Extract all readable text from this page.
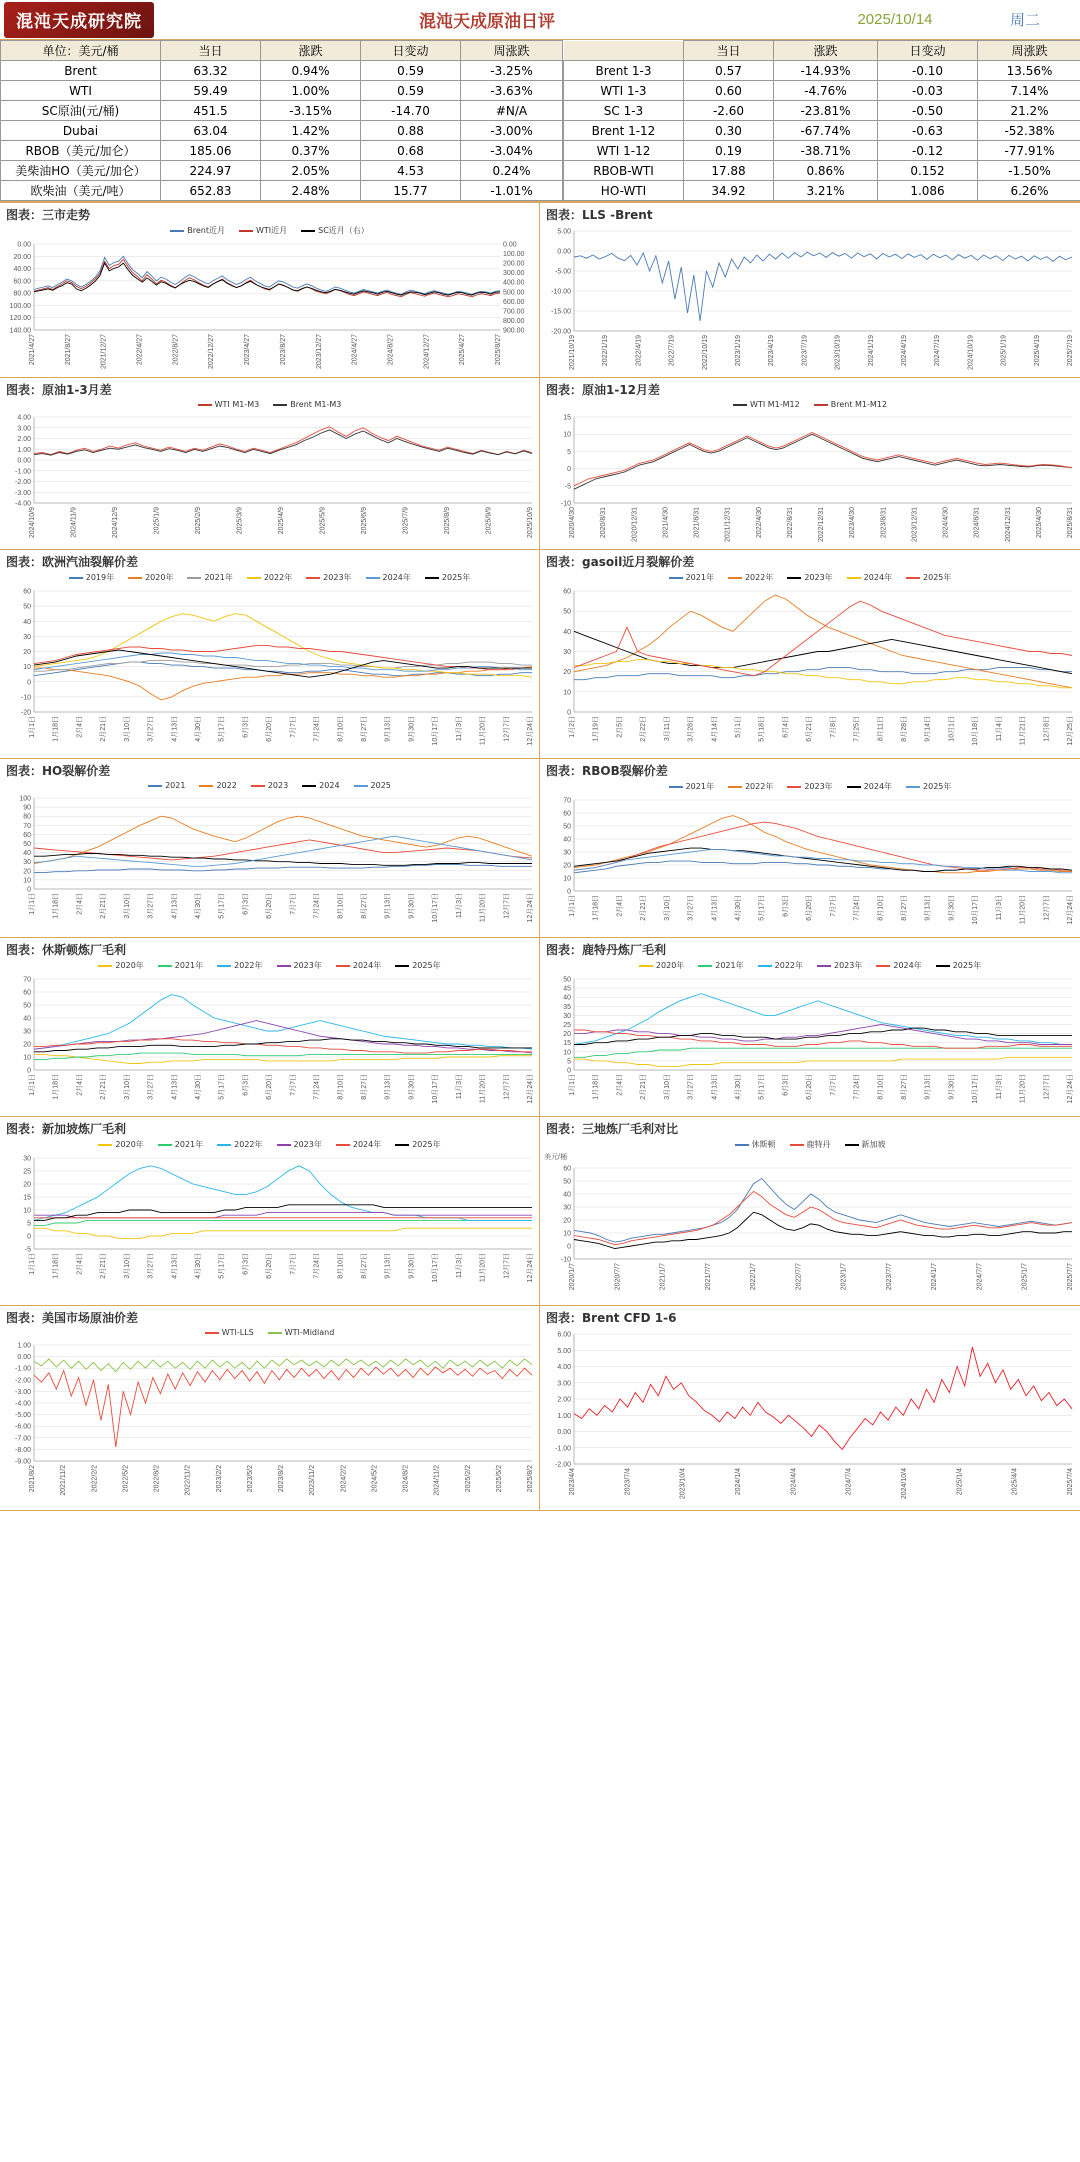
混沌天成研究院	混沌天成原油日评	2025/10/14	周二
单位：美元/桶	当日	涨跌	日变动	周涨跌
Brent	63.32	0.94%	0.59	-3.25%
WTI	59.49	1.00%	0.59	-3.63%
SC原油(元/桶)	451.5	-3.15%	-14.70	#N/A
Dubai	63.04	1.42%	0.88	-3.00%
RBOB（美元/加仑）	185.06	0.37%	0.68	-3.04%
美柴油HO（美元/加仑）	224.97	2.05%	4.53	0.24%
欧柴油（美元/吨）	652.83	2.48%	15.77	-1.01%
	当日	涨跌	日变动	周涨跌
Brent 1-3	0.57	-14.93%	-0.10	13.56%
WTI 1-3	0.60	-4.76%	-0.03	7.14%
SC 1-3	-2.60	-23.81%	-0.50	21.2%
Brent 1-12	0.30	-67.74%	-0.63	-52.38%
WTI 1-12	0.19	-38.71%	-0.12	-77.91%
RBOB-WTI	17.88	0.86%	0.152	-1.50%
HO-WTI	34.92	3.21%	1.086	6.26%
图表：三市走势
Brent近月	WTI近月	SC近月（右）
0.00
20.00
40.00
60.00
80.00
100.00
120.00
140.00
0.00
100.00
200.00
300.00
400.00
500.00
600.00
700.00
800.00
900.00
2021/4/27	2021/8/27	2021/12/27	2022/4/27	2022/8/27	2022/12/27	2023/4/27	2023/8/27	2023/12/27	2024/4/27	2024/8/27	2024/12/27	2025/4/27	2025/8/27
图表：LLS -Brent
5.00
0.00
-5.00
-10.00
-15.00
-20.00
2021/10/19	2022/1/19	2022/4/19	2022/7/19	2022/10/19	2023/1/19	2023/4/19	2023/7/19	2023/10/19	2024/1/19	2024/4/19	2024/7/19	2024/10/19	2025/1/19	2025/4/19	2025/7/19
图表：原油1-3月差
WTI M1-M3	Brent M1-M3
4.00
3.00
2.00
1.00
0.00
-1.00
-2.00
-3.00
-4.00
2024/10/9	2024/11/9	2024/12/9	2025/1/9	2025/2/9	2025/3/9	2025/4/9	2025/5/9	2025/6/9	2025/7/9	2025/8/9	2025/9/9	2025/10/9
图表：原油1-12月差
WTI M1-M12	Brent M1-M12
15
10
5
0
-5
-10
2020/4/30	2020/8/31	2020/12/31	2021/4/30	2021/8/31	2021/12/31	2022/4/30	2022/8/31	2022/12/31	2023/4/30	2023/8/31	2023/12/31	2024/4/30	2024/8/31	2024/12/31	2025/4/30	2025/8/31
图表：欧洲汽油裂解价差
2019年	2020年	2021年	2022年	2023年	2024年	2025年
60
50
40
30
20
10
0
-10
-20
1月1日 1月18日 2月4日 2月21日 3月10日 3月27日 4月13日 4月30日 5月17日 6月3日 6月20日 7月7日 7月24日 8月10日 8月27日 9月13日 9月30日 10月17日 11月3日 11月20日 12月7日 12月24日
图表：gasoil近月裂解价差
2021年	2022年	2023年	2024年	2025年
60
50
40
30
20
10
0
1月2日 1月19日 2月5日 2月22日 3月11日 3月28日 4月14日 5月1日 5月18日 6月4日 6月21日 7月8日 7月25日 8月11日 8月28日 9月14日 10月1日 10月18日 11月4日 11月21日 12月8日 12月25日
图表：HO裂解价差
2021	2022	2023	2024	2025
100
90
80
70
60
50
40
30
20
10
0
1月1日 1月18日 2月4日 2月21日 3月10日 3月27日 4月13日 4月30日 5月17日 6月3日 6月20日 7月7日 7月24日 8月10日 8月27日 9月13日 9月30日 10月17日 11月3日 11月20日 12月7日 12月24日
图表：RBOB裂解价差
2021年	2022年	2023年	2024年	2025年
70
60
50
40
30
20
10
0
1月1日 1月18日 2月4日 2月21日 3月10日 3月27日 4月13日 4月30日 5月17日 6月3日 6月20日 7月7日 7月24日 8月10日 8月27日 9月13日 9月30日 10月17日 11月3日 11月20日 12月7日 12月24日
图表：休斯顿炼厂毛利
2020年	2021年	2022年	2023年	2024年	2025年
70
60
50
40
30
20
10
0
1月1日 1月18日 2月4日 2月21日 3月10日 3月27日 4月13日 4月30日 5月17日 6月3日 6月20日 7月7日 7月24日 8月10日 8月27日 9月13日 9月30日 10月17日 11月3日 11月20日 12月7日 12月24日
图表：鹿特丹炼厂毛利
2020年	2021年	2022年	2023年	2024年	2025年
50
45
40
35
30
25
20
15
10
5
0
1月1日 1月18日 2月4日 2月21日 3月10日 3月27日 4月13日 4月30日 5月17日 6月3日 6月20日 7月7日 7月24日 8月10日 8月27日 9月13日 9月30日 10月17日 11月3日 11月20日 12月7日 12月24日
图表：新加坡炼厂毛利
2020年	2021年	2022年	2023年	2024年	2025年
30
25
20
15
10
5
0
-5
1月1日 1月18日 2月4日 2月21日 3月10日 3月27日 4月13日 4月30日 5月17日 6月3日 6月20日 7月7日 7月24日 8月10日 8月27日 9月13日 9月30日 10月17日 11月3日 11月20日 12月7日 12月24日
图表：三地炼厂毛利对比
休斯顿	鹿特丹	新加坡
美元/桶
60
50
40
30
20
10
0
-10
2020/1/7	2020/7/7	2021/1/7	2021/7/7	2022/1/7	2022/7/7	2023/1/7	2023/7/7	2024/1/7	2024/7/7	2025/1/7	2025/7/7
图表：美国市场原油价差
WTI-LLS	WTI-Midland
1.00
0.00
-1.00
-2.00
-3.00
-4.00
-5.00
-6.00
-7.00
-8.00
-9.00
2021/8/2	2021/11/2	2022/2/2	2022/5/2	2022/8/2	2022/11/2	2023/2/2	2023/5/2	2023/8/2	2023/11/2	2024/2/2	2024/5/2	2024/8/2	2024/11/2	2025/2/2	2025/5/2	2025/8/2
图表：Brent CFD 1-6
6.00
5.00
4.00
3.00
2.00
1.00
0.00
-1.00
-2.00
2023/4/4	2023/7/4	2023/10/4	2024/1/4	2024/4/4	2024/7/4	2024/10/4	2025/1/4	2025/4/4	2025/7/4
